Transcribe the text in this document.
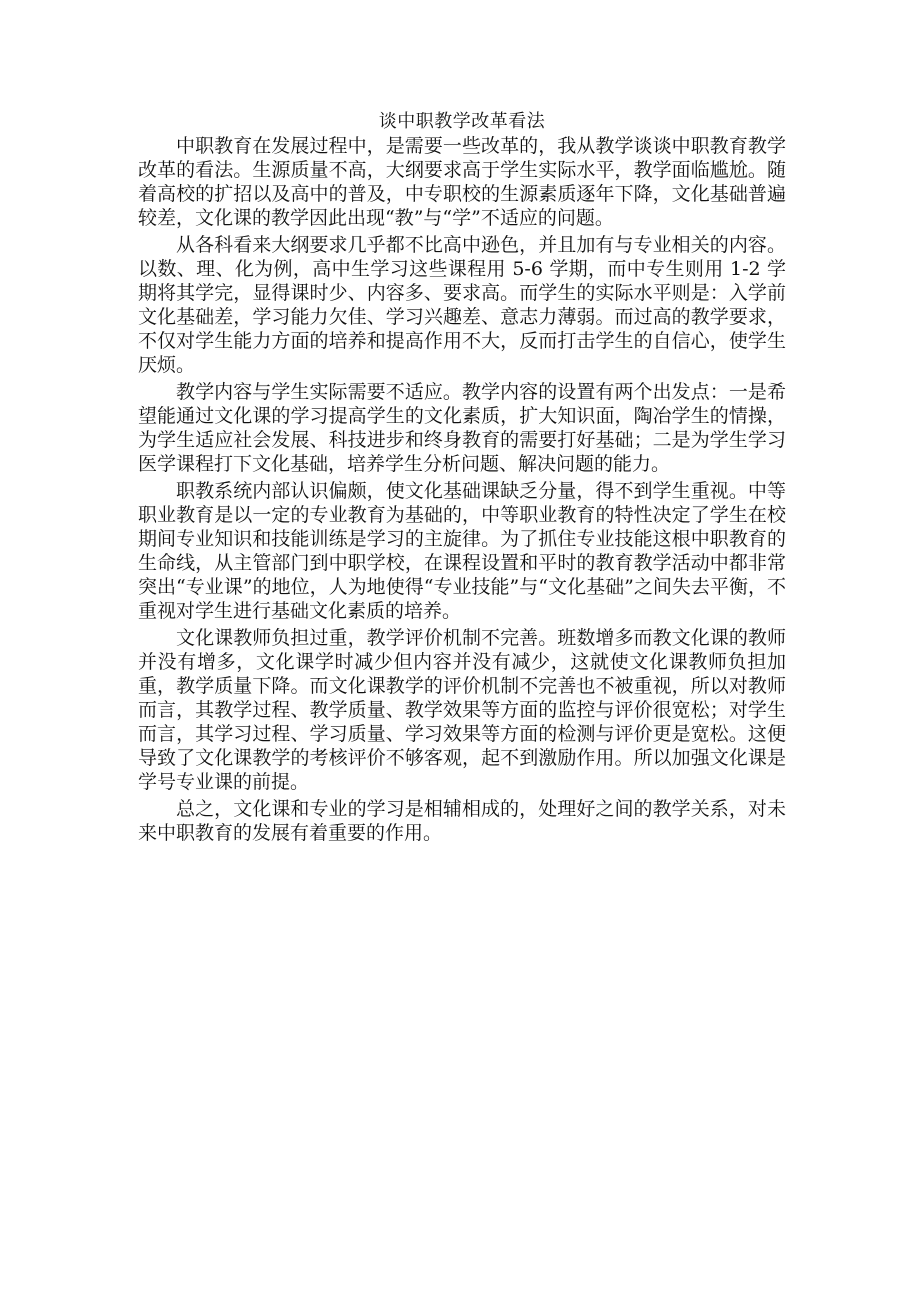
谈中职教学改革看法

中职教育在发展过程中，是需要一些改革的，我从教学谈谈中职教育教学改革的看法。生源质量不高，大纲要求高于学生实际水平，教学面临尴尬。随着高校的扩招以及高中的普及，中专职校的生源素质逐年下降，文化基础普遍较差，文化课的教学因此出现“教”与“学”不适应的问题。

从各科看来大纲要求几乎都不比高中逊色，并且加有与专业相关的内容。以数、理、化为例，高中生学习这些课程用 5-6 学期，而中专生则用 1-2 学期将其学完，显得课时少、内容多、要求高。而学生的实际水平则是：入学前文化基础差，学习能力欠佳、学习兴趣差、意志力薄弱。而过高的教学要求，不仅对学生能力方面的培养和提高作用不大，反而打击学生的自信心，使学生厌烦。

教学内容与学生实际需要不适应。教学内容的设置有两个出发点：一是希望能通过文化课的学习提高学生的文化素质，扩大知识面，陶冶学生的情操，为学生适应社会发展、科技进步和终身教育的需要打好基础；二是为学生学习医学课程打下文化基础，培养学生分析问题、解决问题的能力。

职教系统内部认识偏颇，使文化基础课缺乏分量，得不到学生重视。中等职业教育是以一定的专业教育为基础的，中等职业教育的特性决定了学生在校期间专业知识和技能训练是学习的主旋律。为了抓住专业技能这根中职教育的生命线，从主管部门到中职学校，在课程设置和平时的教育教学活动中都非常突出“专业课”的地位，人为地使得“专业技能”与“文化基础”之间失去平衡，不重视对学生进行基础文化素质的培养。

文化课教师负担过重，教学评价机制不完善。班数增多而教文化课的教师并没有增多，文化课学时减少但内容并没有减少，这就使文化课教师负担加重，教学质量下降。而文化课教学的评价机制不完善也不被重视，所以对教师而言，其教学过程、教学质量、教学效果等方面的监控与评价很宽松；对学生而言，其学习过程、学习质量、学习效果等方面的检测与评价更是宽松。这便导致了文化课教学的考核评价不够客观，起不到激励作用。所以加强文化课是学号专业课的前提。

总之，文化课和专业的学习是相辅相成的，处理好之间的教学关系，对未来中职教育的发展有着重要的作用。
